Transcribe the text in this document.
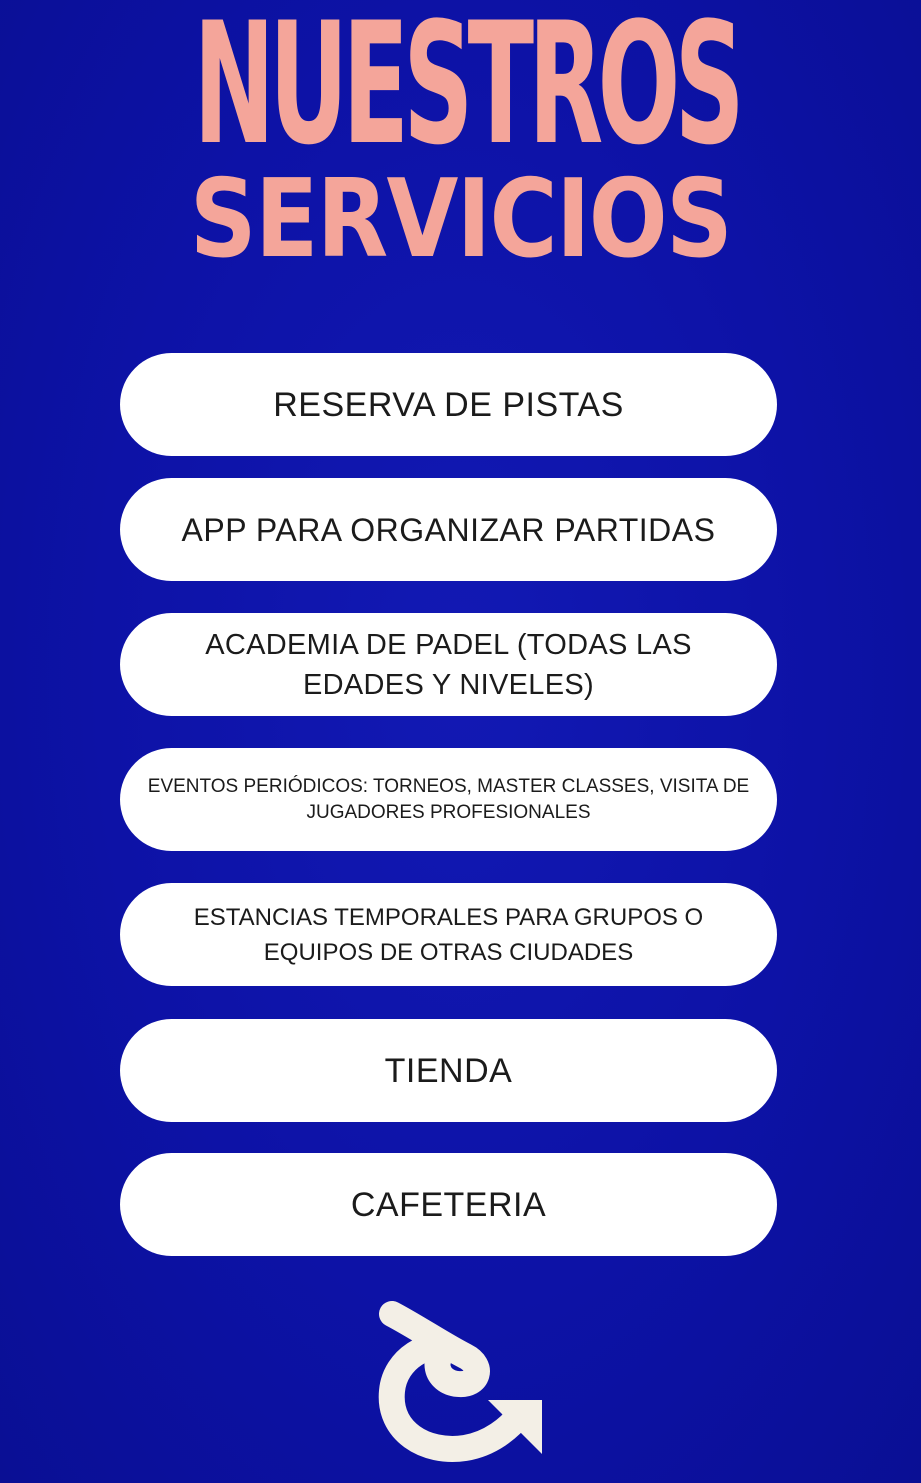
NUESTROS
SERVICIOS
RESERVA DE PISTAS
APP PARA ORGANIZAR PARTIDAS
ACADEMIA DE PADEL (TODAS LAS EDADES Y NIVELES)
EVENTOS PERIÓDICOS: TORNEOS, MASTER CLASSES, VISITA DE JUGADORES PROFESIONALES
ESTANCIAS TEMPORALES PARA GRUPOS O EQUIPOS DE OTRAS CIUDADES
TIENDA
CAFETERIA
